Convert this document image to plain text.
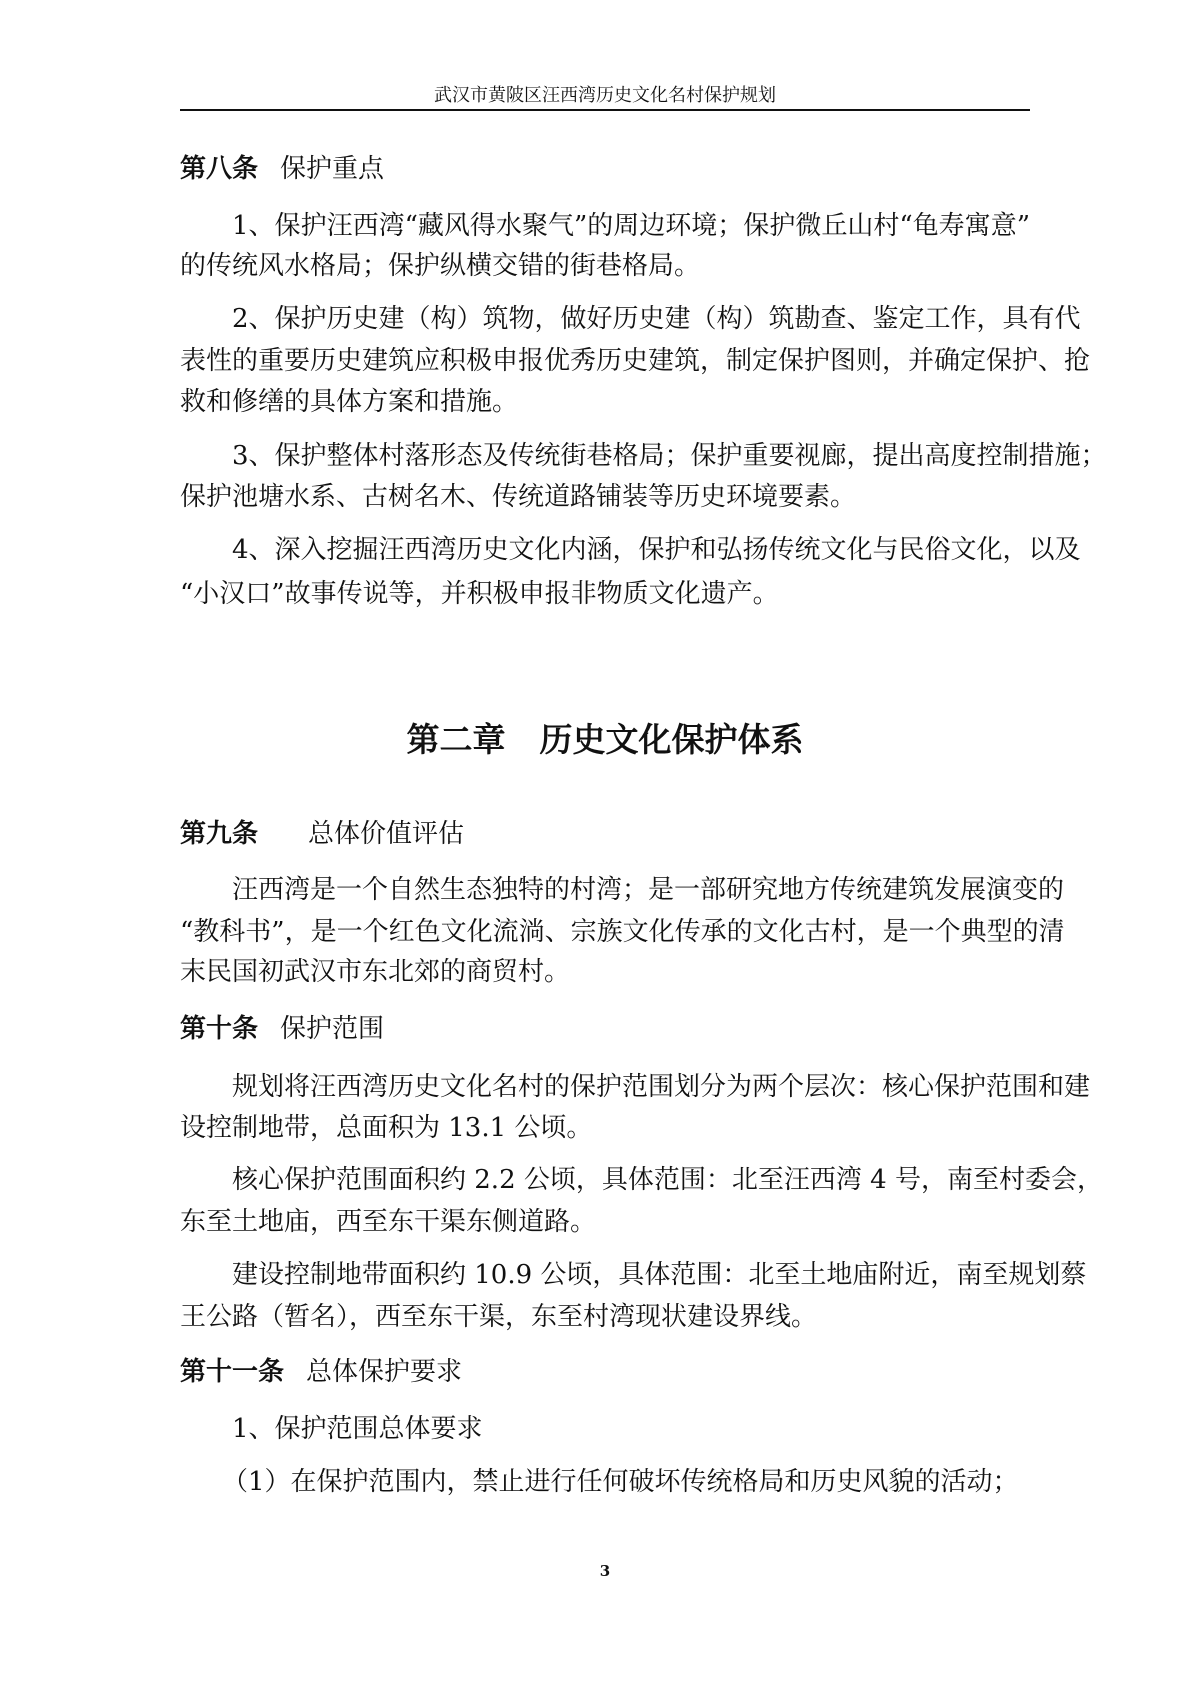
武汉市黄陂区汪西湾历史文化名村保护规划
第八条 保护重点
1、保护汪西湾“藏风得水聚气”的周边环境；保护微丘山村“龟寿寓意”
的传统风水格局；保护纵横交错的街巷格局。
2、保护历史建（构）筑物，做好历史建（构）筑勘查、鉴定工作，具有代
表性的重要历史建筑应积极申报优秀历史建筑，制定保护图则，并确定保护、抢
救和修缮的具体方案和措施。
3、保护整体村落形态及传统街巷格局；保护重要视廊，提出高度控制措施；
保护池塘水系、古树名木、传统道路铺装等历史环境要素。
4、深入挖掘汪西湾历史文化内涵，保护和弘扬传统文化与民俗文化，以及
“小汉口”故事传说等，并积极申报非物质文化遗产。
第二章 历史文化保护体系
第九条 总体价值评估
汪西湾是一个自然生态独特的村湾；是一部研究地方传统建筑发展演变的
“教科书”，是一个红色文化流淌、宗族文化传承的文化古村，是一个典型的清
末民国初武汉市东北郊的商贸村。
第十条 保护范围
规划将汪西湾历史文化名村的保护范围划分为两个层次：核心保护范围和建
设控制地带，总面积为 13.1 公顷。
核心保护范围面积约 2.2 公顷，具体范围：北至汪西湾 4 号，南至村委会，
东至土地庙，西至东干渠东侧道路。
建设控制地带面积约 10.9 公顷，具体范围：北至土地庙附近，南至规划蔡
王公路（暂名），西至东干渠，东至村湾现状建设界线。
第十一条 总体保护要求
1、保护范围总体要求
（1）在保护范围内，禁止进行任何破坏传统格局和历史风貌的活动；
3
